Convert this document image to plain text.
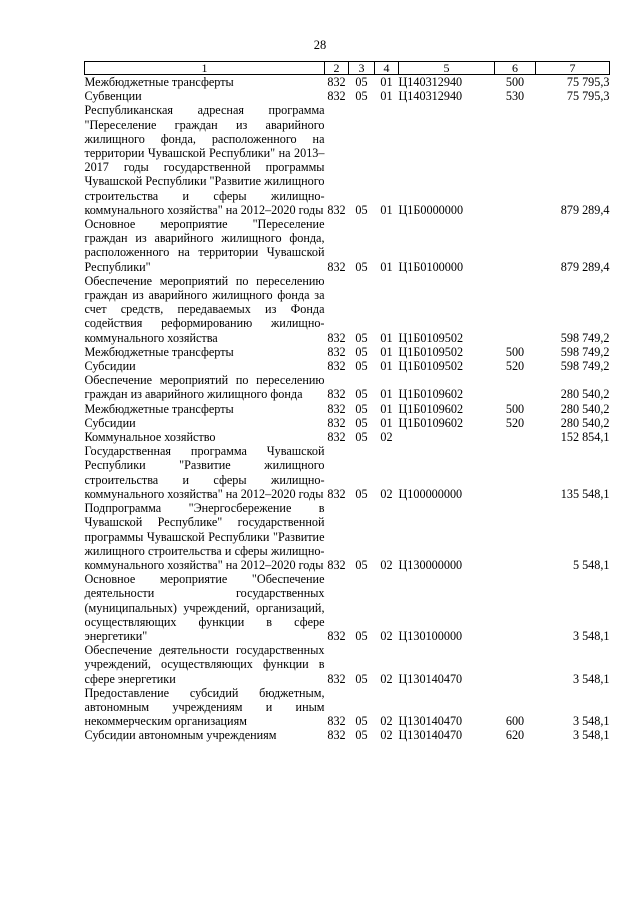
28
1	2	3	4	5	6	7
Межбюджетные трансферты	832	05	01	Ц140312940	500	75 795,3
Субвенции	832	05	01	Ц140312940	530	75 795,3
Республиканская адресная программа "Переселение граждан из аварийного жилищного фонда, расположенного на территории Чувашской Республики" на 2013–2017 годы государственной программы Чувашской Республики "Развитие жилищного строительства и сферы жилищно-коммунального хозяйства" на 2012–2020 годы	832	05	01	Ц1Б0000000		879 289,4
Основное мероприятие "Переселение граждан из аварийного жилищного фонда, расположенного на территории Чувашской Республики"	832	05	01	Ц1Б0100000		879 289,4
Обеспечение мероприятий по переселению граждан из аварийного жилищного фонда за счет средств, передаваемых из Фонда содействия реформированию жилищно-коммунального хозяйства	832	05	01	Ц1Б0109502		598 749,2
Межбюджетные трансферты	832	05	01	Ц1Б0109502	500	598 749,2
Субсидии	832	05	01	Ц1Б0109502	520	598 749,2
Обеспечение мероприятий по переселению граждан из аварийного жилищного фонда	832	05	01	Ц1Б0109602		280 540,2
Межбюджетные трансферты	832	05	01	Ц1Б0109602	500	280 540,2
Субсидии	832	05	01	Ц1Б0109602	520	280 540,2
Коммунальное хозяйство	832	05	02			152 854,1
Государственная программа Чувашской Республики "Развитие жилищного строительства и сферы жилищно-коммунального хозяйства" на 2012–2020 годы	832	05	02	Ц100000000		135 548,1
Подпрограмма "Энергосбережение в Чувашской Республике" государственной программы Чувашской Республики "Развитие жилищного строительства и сферы жилищно-коммунального хозяйства" на 2012–2020 годы	832	05	02	Ц130000000		5 548,1
Основное мероприятие "Обеспечение деятельности государственных (муниципальных) учреждений, организаций, осуществляющих функции в сфере энергетики"	832	05	02	Ц130100000		3 548,1
Обеспечение деятельности государственных учреждений, осуществляющих функции в сфере энергетики	832	05	02	Ц130140470		3 548,1
Предоставление субсидий бюджетным, автономным учреждениям и иным некоммерческим организациям	832	05	02	Ц130140470	600	3 548,1
Субсидии автономным учреждениям	832	05	02	Ц130140470	620	3 548,1
